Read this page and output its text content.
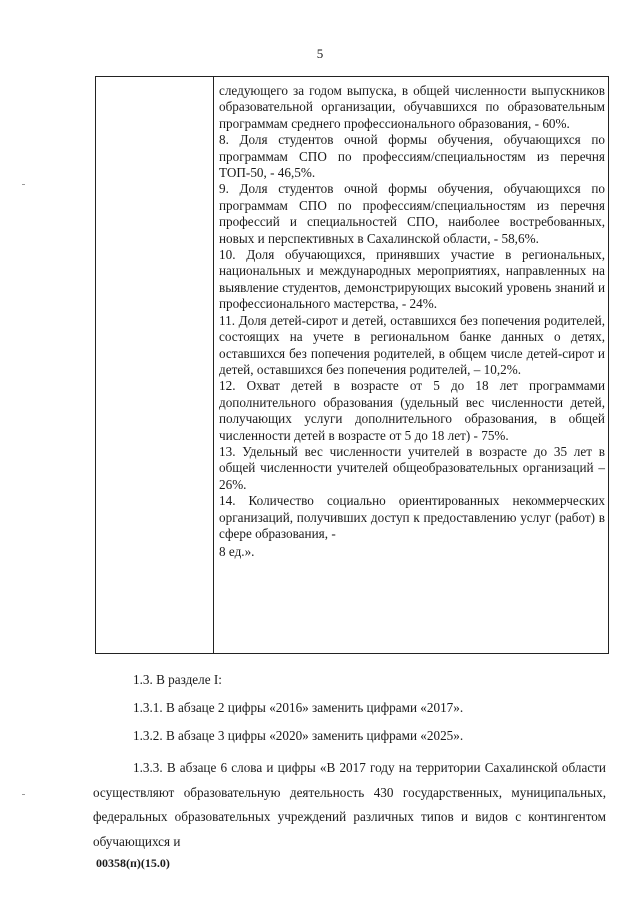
5

следующего за годом выпуска, в общей численности выпускников образовательной организации, обучавшихся по образовательным программам среднего профессионального образования, - 60%.

8. Доля студентов очной формы обучения, обучающихся по программам СПО по профессиям/специальностям из перечня ТОП-50, - 46,5%.

9. Доля студентов очной формы обучения, обучающихся по программам СПО по профессиям/специальностям из перечня профессий и специальностей СПО, наиболее востребованных, новых и перспективных в Сахалинской области, - 58,6%.

10. Доля обучающихся, принявших участие в региональных, национальных и международных мероприятиях, направленных на выявление студентов, демонстрирующих высокий уровень знаний и профессионального мастерства, - 24%.

11. Доля детей-сирот и детей, оставшихся без попечения родителей, состоящих на учете в региональном банке данных о детях, оставшихся без попечения родителей, в общем числе детей-сирот и детей, оставшихся без попечения родителей, – 10,2%.

12. Охват детей в возрасте от 5 до 18 лет программами дополнительного образования (удельный вес численности детей, получающих услуги дополнительного образования, в общей численности детей в возрасте от 5 до 18 лет) - 75%.

13. Удельный вес численности учителей в возрасте до 35 лет в общей численности учителей общеобразовательных организаций – 26%.

14. Количество социально ориентированных некоммерческих организаций, получивших доступ к предоставлению услуг (работ) в сфере образования, -

8 ед.».

1.3. В разделе I:

1.3.1. В абзаце 2 цифры «2016» заменить цифрами «2017».

1.3.2. В абзаце 3 цифры «2020» заменить цифрами «2025».

1.3.3. В абзаце 6 слова и цифры «В 2017 году на территории Сахалинской области осуществляют образовательную деятельность 430 государственных, муниципальных, федеральных образовательных учреждений различных типов и видов с контингентом обучающихся и

00358(п)(15.0)
